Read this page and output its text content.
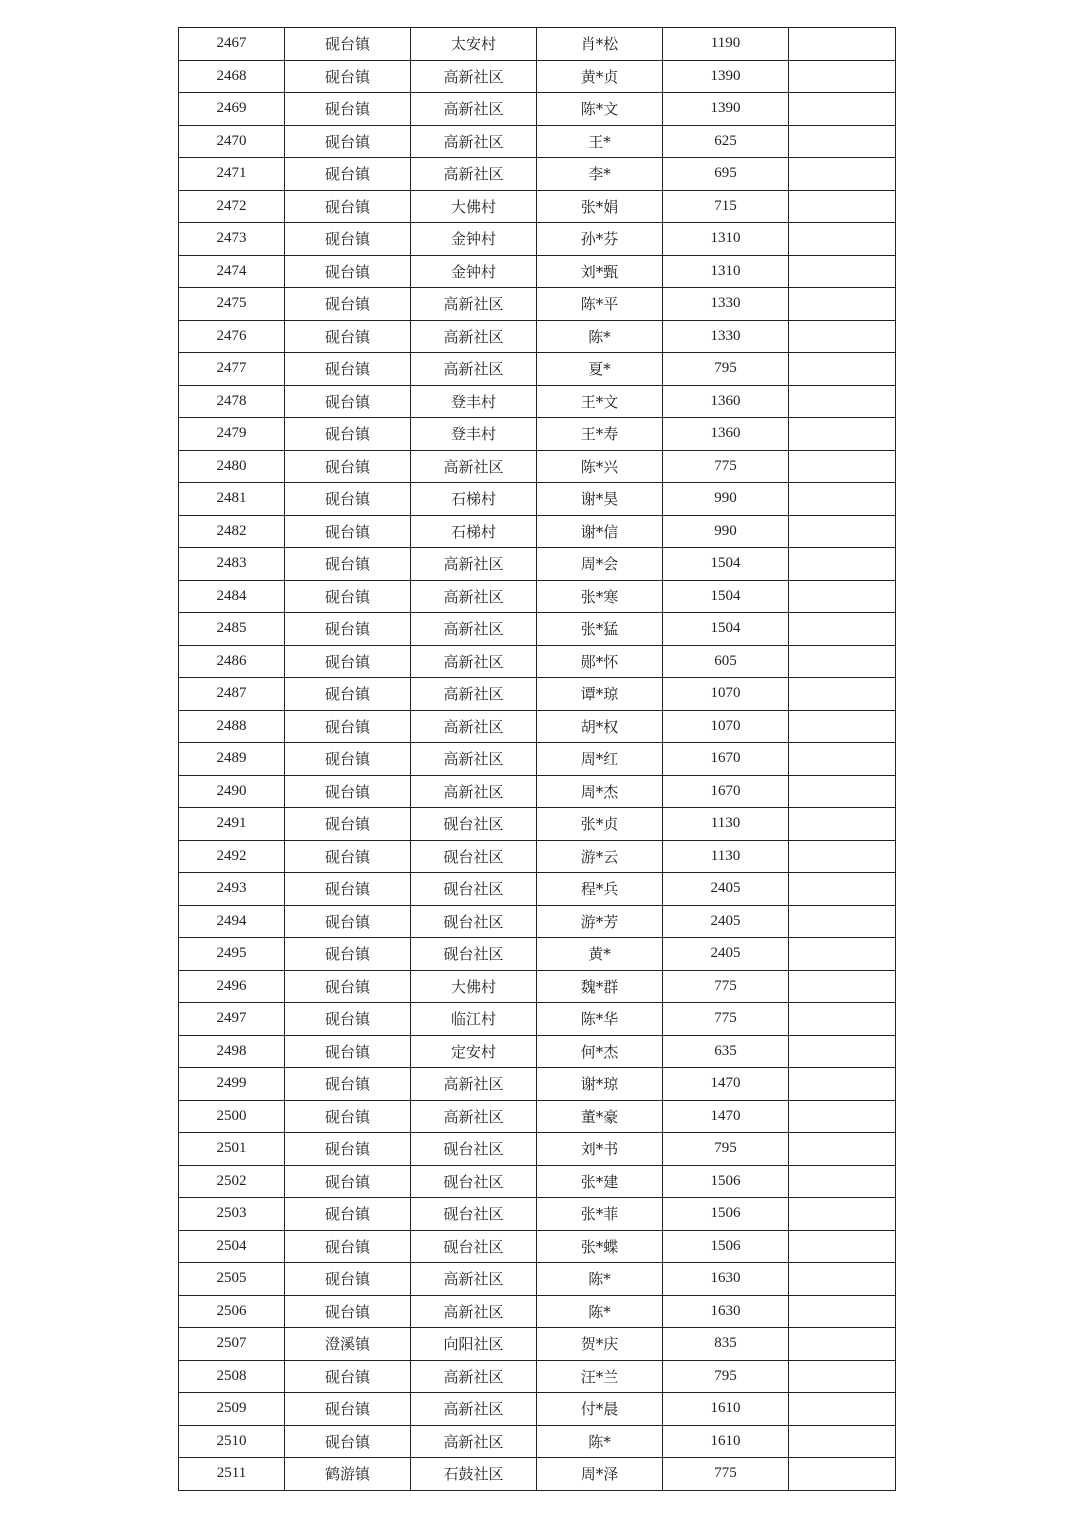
2467	砚台镇	太安村	肖*松	1190	
2468	砚台镇	高新社区	黄*贞	1390	
2469	砚台镇	高新社区	陈*文	1390	
2470	砚台镇	高新社区	王*	625	
2471	砚台镇	高新社区	李*	695	
2472	砚台镇	大佛村	张*娟	715	
2473	砚台镇	金钟村	孙*芬	1310	
2474	砚台镇	金钟村	刘*甄	1310	
2475	砚台镇	高新社区	陈*平	1330	
2476	砚台镇	高新社区	陈*	1330	
2477	砚台镇	高新社区	夏*	795	
2478	砚台镇	登丰村	王*文	1360	
2479	砚台镇	登丰村	王*寿	1360	
2480	砚台镇	高新社区	陈*兴	775	
2481	砚台镇	石梯村	谢*昊	990	
2482	砚台镇	石梯村	谢*信	990	
2483	砚台镇	高新社区	周*会	1504	
2484	砚台镇	高新社区	张*寒	1504	
2485	砚台镇	高新社区	张*猛	1504	
2486	砚台镇	高新社区	郧*怀	605	
2487	砚台镇	高新社区	谭*琼	1070	
2488	砚台镇	高新社区	胡*权	1070	
2489	砚台镇	高新社区	周*红	1670	
2490	砚台镇	高新社区	周*杰	1670	
2491	砚台镇	砚台社区	张*贞	1130	
2492	砚台镇	砚台社区	游*云	1130	
2493	砚台镇	砚台社区	程*兵	2405	
2494	砚台镇	砚台社区	游*芳	2405	
2495	砚台镇	砚台社区	黄*	2405	
2496	砚台镇	大佛村	魏*群	775	
2497	砚台镇	临江村	陈*华	775	
2498	砚台镇	定安村	何*杰	635	
2499	砚台镇	高新社区	谢*琼	1470	
2500	砚台镇	高新社区	董*豪	1470	
2501	砚台镇	砚台社区	刘*书	795	
2502	砚台镇	砚台社区	张*建	1506	
2503	砚台镇	砚台社区	张*菲	1506	
2504	砚台镇	砚台社区	张*蝶	1506	
2505	砚台镇	高新社区	陈*	1630	
2506	砚台镇	高新社区	陈*	1630	
2507	澄溪镇	向阳社区	贺*庆	835	
2508	砚台镇	高新社区	汪*兰	795	
2509	砚台镇	高新社区	付*晨	1610	
2510	砚台镇	高新社区	陈*	1610	
2511	鹤游镇	石鼓社区	周*泽	775	
